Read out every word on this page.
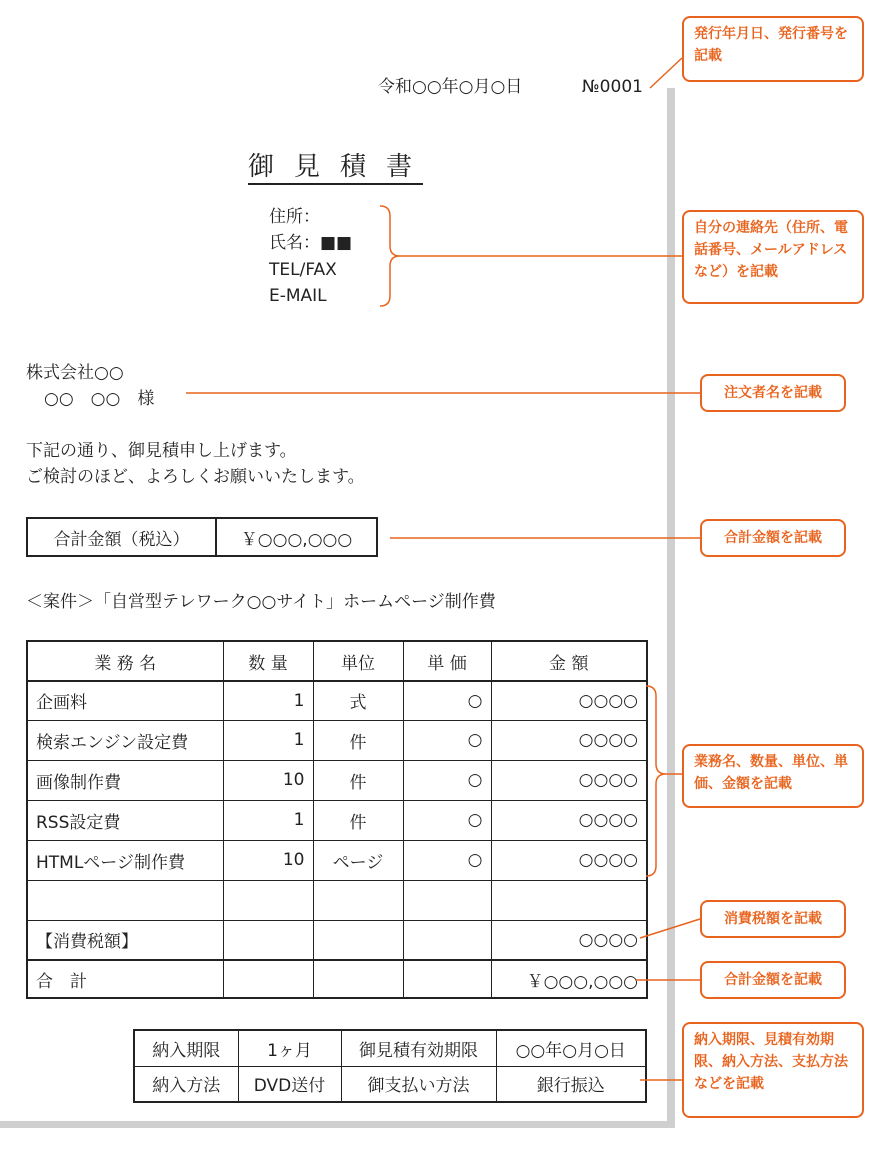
令和○○年○月○日	№0001
御見積書
住所：
氏名：■■
TEL/FAX
E-MAIL
株式会社○○
○○　○○　様
下記の通り、御見積申し上げます。
ご検討のほど、よろしくお願いいたします。
合計金額（税込）	￥○○○,○○○
＜案件＞「自営型テレワーク○○サイト」ホームページ制作費
業 務 名	数 量	単位	単 価	金 額
企画料	1	式	○	○○○○
検索エンジン設定費	1	件	○	○○○○
画像制作費	10	件	○	○○○○
RSS設定費	1	件	○	○○○○
HTMLページ制作費	10	ページ	○	○○○○

【消費税額】				○○○○
合　計				￥○○○,○○○
納入期限	1ヶ月	御見積有効期限	○○年○月○日
納入方法	DVD送付	御支払い方法	銀行振込
発行年月日、発行番号を記載
自分の連絡先（住所、電話番号、メールアドレスなど）を記載
注文者名を記載
合計金額を記載
業務名、数量、単位、単価、金額を記載
消費税額を記載
合計金額を記載
納入期限、見積有効期限、納入方法、支払方法などを記載
